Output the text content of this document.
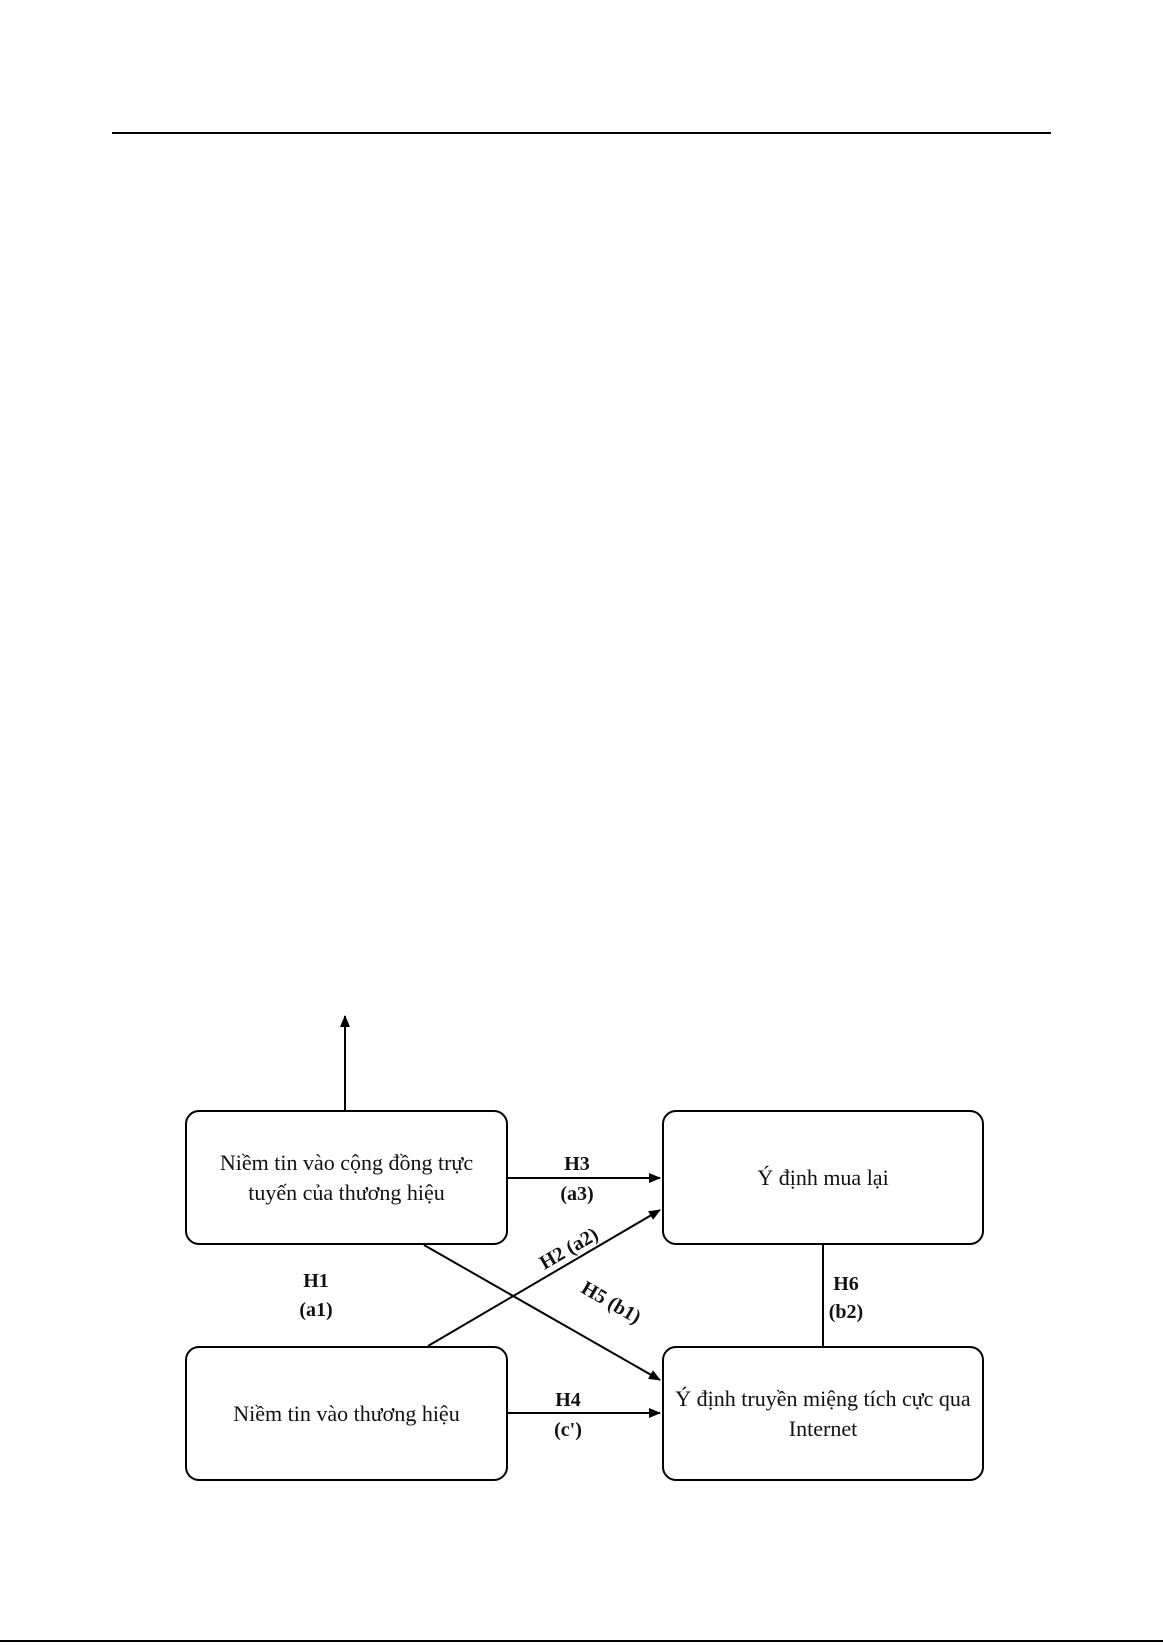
H1
(a1)
H3
(a3)
H2 (a2)
H5 (b1)	H6
(b2)
H4
(c')
Niềm tin vào cộng đồng trực tuyến của thương hiệu
Ý định mua lại
Niềm tin vào thương hiệu
Ý định truyền miệng tích cực qua Internet
